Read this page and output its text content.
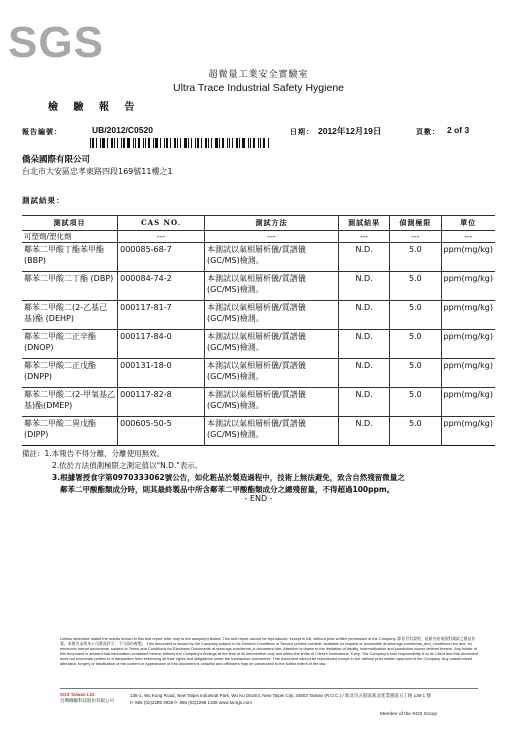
SGS
超微量工業安全實驗室
Ultra Trace Industrial Safety Hygiene
檢 驗 報 告
報告編號：	UB/2012/C0520	日期： 2012年12月19日	頁數： 2 of 3
僑朵國際有限公司
台北市大安區忠孝東路四段169號11樓之1
測試結果：
測試項目	CAS NO.	測試方法	測試結果	偵測極限	單位
可塑劑/塑化劑	---	---	---	---	---
鄰苯二甲酸丁酯苯甲酯 (BBP)	000085-68-7	本測試以氣相層析儀/質譜儀(GC/MS)檢測。	N.D.	5.0	ppm(mg/kg)
鄰苯二甲酸二丁酯 (DBP)	000084-74-2	本測試以氣相層析儀/質譜儀(GC/MS)檢測。	N.D.	5.0	ppm(mg/kg)
鄰苯二甲酸二(2-乙基己基)酯 (DEHP)	000117-81-7	本測試以氣相層析儀/質譜儀(GC/MS)檢測。	N.D.	5.0	ppm(mg/kg)
鄰苯二甲酸二正辛酯 (DNOP)	000117-84-0	本測試以氣相層析儀/質譜儀(GC/MS)檢測。	N.D.	5.0	ppm(mg/kg)
鄰苯二甲酸二正戊酯 (DNPP)	000131-18-0	本測試以氣相層析儀/質譜儀(GC/MS)檢測。	N.D.	5.0	ppm(mg/kg)
鄰苯二甲酸二(2-甲氧基乙基)酯(DMEP)	000117-82-8	本測試以氣相層析儀/質譜儀(GC/MS)檢測。	N.D.	5.0	ppm(mg/kg)
鄰苯二甲酸二異戊酯 (DIPP)	000605-50-5	本測試以氣相層析儀/質譜儀(GC/MS)檢測。	N.D.	5.0	ppm(mg/kg)
備註：1.本報告不得分離，分離使用無效。
2.依於方法偵測極限之測定值以"N.D."表示。
3.根據署授食字第0970333062號公告，如化粧品於製造過程中，技術上無法避免，致含自然殘留微量之
鄰苯二甲酸酯類成分時，則其最終製品中所含鄰苯二甲酸酯類成分之總殘留量，不得超過100ppm。
- END -
Unless otherwise stated the results shown in this test report refer only to the sample(s) tested. This test report cannot be reproduced, except in full, without prior written permission of the Company. 除非另有說明，此報告結果僅對測試之樣品負責。本報告未經本公司書面許可，不可部份複製。 This document is issued by the Company subject to its General Conditions of Service printed overleaf, available on request or accessible at www.sgs.com/terms_and_conditions.htm and, for electronic format documents, subject to Terms and Conditions for Electronic Documents at www.sgs.com/terms_e-document.htm. Attention is drawn to the limitation of liability, indemnification and jurisdiction issues defined therein. Any holder of this document is advised that information contained hereon reflects the Company's findings at the time of its intervention only and within the limits of Client's instructions, if any. The Company's sole responsibility is to its Client and this document does not exonerate parties to a transaction from exercising all their rights and obligations under the transaction documents. This document cannot be reproduced except in full, without prior written approval of the Company. Any unauthorized alteration, forgery or falsification of the content or appearance of this document is unlawful and offenders may be prosecuted to the fullest extent of the law.
SGS Taiwan Ltd.
台灣檢驗科技股份有限公司
136-1, Wu Kung Road, New Taipei Industrial Park, Wu Ku District, New Taipei City, 24803 Taiwan (R.O.C.) / 新北市五股區新北產業園區五工路 136-1 號
t+ 886 (02)2299 3939 f+ 886 (02)2298 1338 www.tw.sgs.com
Member of the SGS Group
